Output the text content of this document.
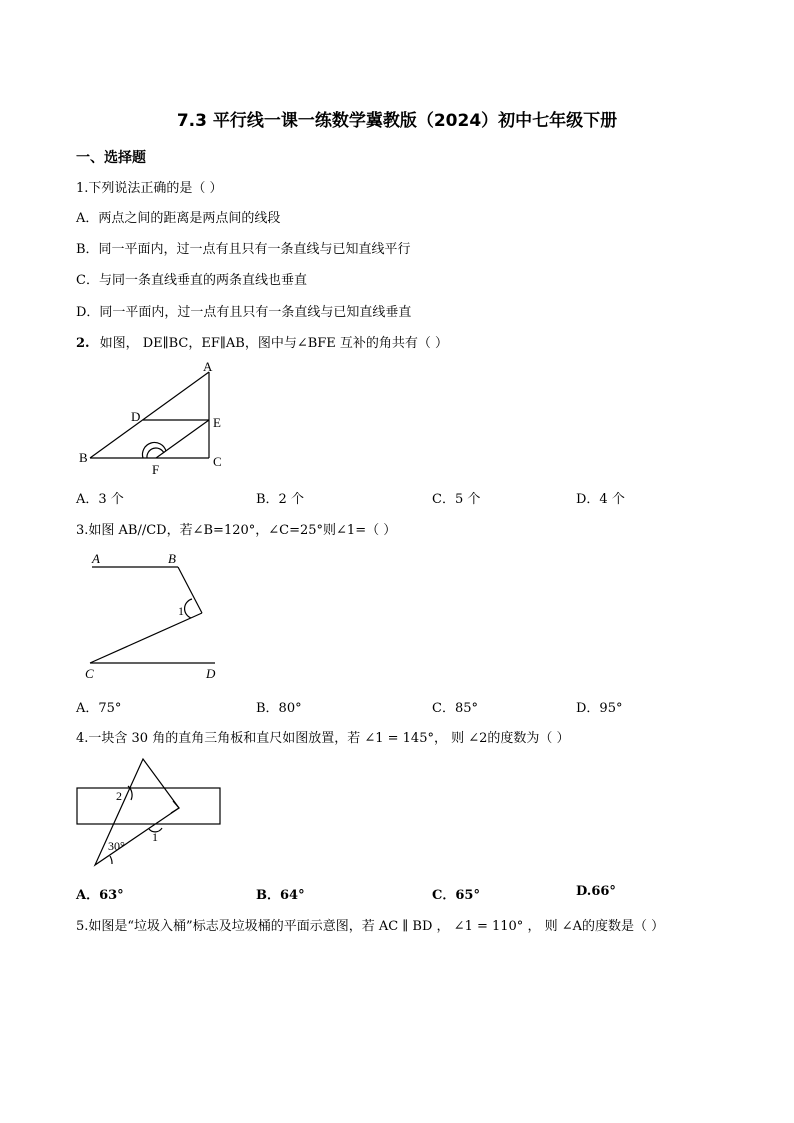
7.3 平行线一课一练数学冀教版（2024）初中七年级下册
一、选择题
1.下列说法正确的是（ ）
A．两点之间的距离是两点间的线段
B．同一平面内，过一点有且只有一条直线与已知直线平行
C．与同一条直线垂直的两条直线也垂直
D．同一平面内，过一点有且只有一条直线与已知直线垂直
2. 如图， DE∥BC，EF∥AB，图中与∠BFE 互补的角共有（ ）
A
B	C
D	E
F
A．3 个	B．2 个	C．5 个	D．4 个
3.如图 AB//CD，若∠B=120°，∠C=25°则∠1=（ ）
A	B
C	D
1
A．75°	B．80°	C．85°	D．95°
4.一块含 30 角的直角三角板和直尺如图放置，若 ∠1 = 145°， 则 ∠2的度数为（ ）
2
1
30°
A．63°	B．64°	C．65°	D.66°
5.如图是“垃圾入桶”标志及垃圾桶的平面示意图，若 AC ∥ BD ， ∠1 = 110° ， 则 ∠A的度数是（ ）
